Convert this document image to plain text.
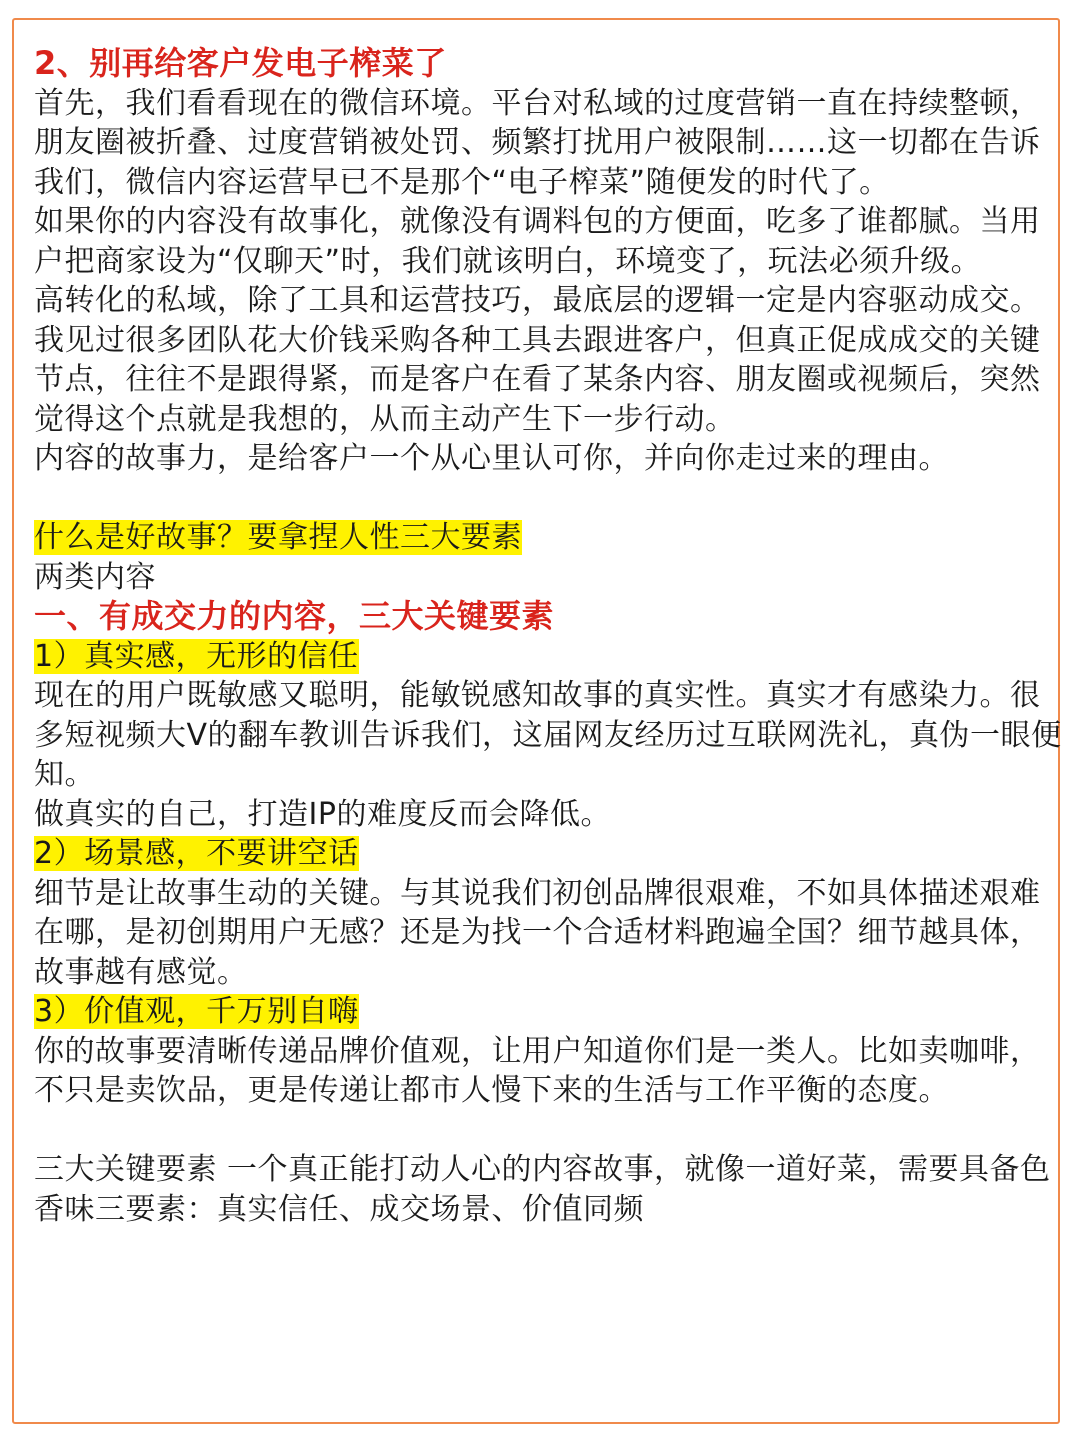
2、别再给客户发电子榨菜了

首先，我们看看现在的微信环境。平台对私域的过度营销一直在持续整顿，朋友圈被折叠、过度营销被处罚、频繁打扰用户被限制……这一切都在告诉我们，微信内容运营早已不是那个“电子榨菜”随便发的时代了。

如果你的内容没有故事化，就像没有调料包的方便面，吃多了谁都腻。当用户把商家设为“仅聊天”时，我们就该明白，环境变了，玩法必须升级。

高转化的私域，除了工具和运营技巧，最底层的逻辑一定是内容驱动成交。

我见过很多团队花大价钱采购各种工具去跟进客户，但真正促成成交的关键节点，往往不是跟得紧，而是客户在看了某条内容、朋友圈或视频后，突然觉得这个点就是我想的，从而主动产生下一步行动。

内容的故事力，是给客户一个从心里认可你，并向你走过来的理由。

什么是好故事？要拿捏人性三大要素

两类内容

一、有成交力的内容，三大关键要素

1）真实感，无形的信任

现在的用户既敏感又聪明，能敏锐感知故事的真实性。真实才有感染力。很多短视频大V的翻车教训告诉我们，这届网友经历过互联网洗礼，真伪一眼便知。

做真实的自己，打造IP的难度反而会降低。

2）场景感，不要讲空话

细节是让故事生动的关键。与其说我们初创品牌很艰难，不如具体描述艰难在哪，是初创期用户无感？还是为找一个合适材料跑遍全国？细节越具体，故事越有感觉。

3）价值观，千万别自嗨

你的故事要清晰传递品牌价值观，让用户知道你们是一类人。比如卖咖啡，不只是卖饮品，更是传递让都市人慢下来的生活与工作平衡的态度。

三大关键要素 一个真正能打动人心的内容故事，就像一道好菜，需要具备色香味三要素：真实信任、成交场景、价值同频
